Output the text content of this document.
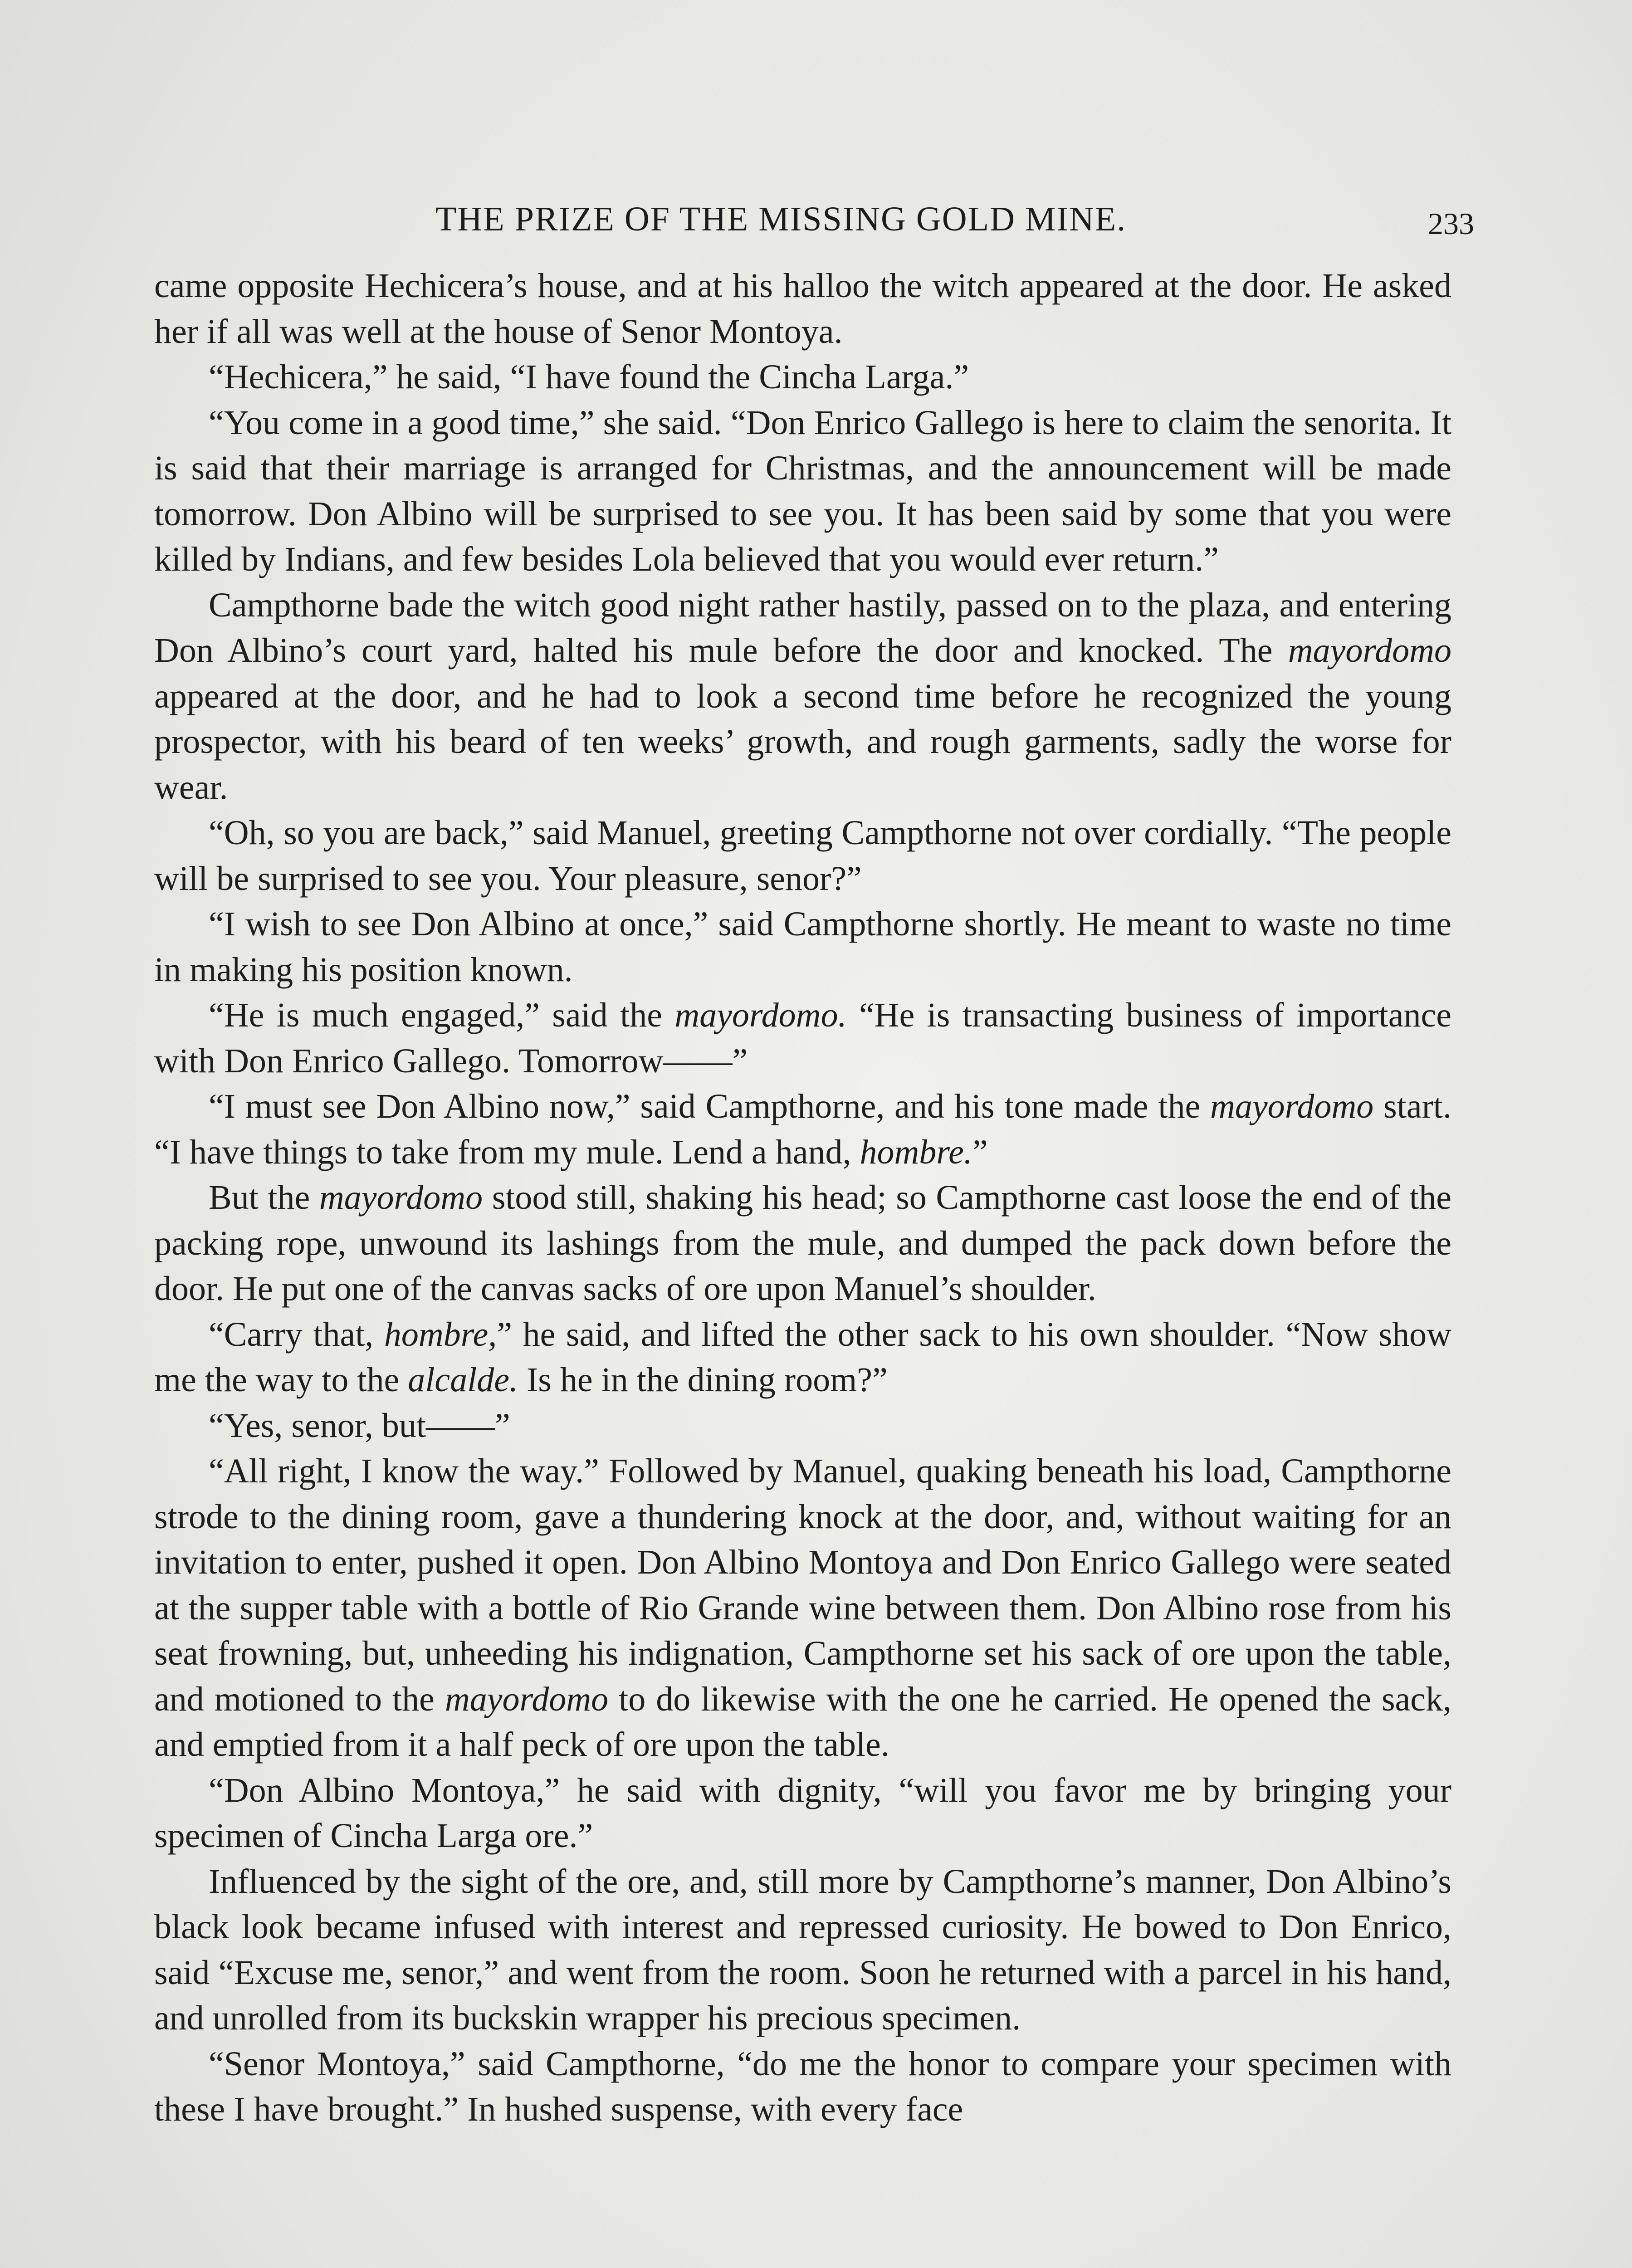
THE PRIZE OF THE MISSING GOLD MINE.	233

came opposite Hechicera’s house, and at his halloo the witch appeared at the door. He asked her if all was well at the house of Senor Montoya.

“Hechicera,” he said, “I have found the Cincha Larga.”

“You come in a good time,” she said. “Don Enrico Gallego is here to claim the senorita. It is said that their marriage is arranged for Christmas, and the announcement will be made tomorrow. Don Albino will be surprised to see you. It has been said by some that you were killed by Indians, and few besides Lola believed that you would ever return.”

Campthorne bade the witch good night rather hastily, passed on to the plaza, and entering Don Albino’s court yard, halted his mule before the door and knocked. The mayordomo appeared at the door, and he had to look a second time before he recognized the young prospector, with his beard of ten weeks’ growth, and rough garments, sadly the worse for wear.

“Oh, so you are back,” said Manuel, greeting Campthorne not over cordially. “The people will be surprised to see you. Your pleasure, senor?”

“I wish to see Don Albino at once,” said Campthorne shortly. He meant to waste no time in making his position known.

“He is much engaged,” said the mayordomo. “He is transacting business of importance with Don Enrico Gallego. Tomorrow——”

“I must see Don Albino now,” said Campthorne, and his tone made the mayordomo start. “I have things to take from my mule. Lend a hand, hombre.”

But the mayordomo stood still, shaking his head; so Campthorne cast loose the end of the packing rope, unwound its lashings from the mule, and dumped the pack down before the door. He put one of the canvas sacks of ore upon Manuel’s shoulder.

“Carry that, hombre,” he said, and lifted the other sack to his own shoulder. “Now show me the way to the alcalde. Is he in the dining room?”

“Yes, senor, but——”

“All right, I know the way.” Followed by Manuel, quaking beneath his load, Campthorne strode to the dining room, gave a thundering knock at the door, and, without waiting for an invitation to enter, pushed it open. Don Albino Montoya and Don Enrico Gallego were seated at the supper table with a bottle of Rio Grande wine between them. Don Albino rose from his seat frowning, but, unheeding his indignation, Campthorne set his sack of ore upon the table, and motioned to the mayordomo to do likewise with the one he carried. He opened the sack, and emptied from it a half peck of ore upon the table.

“Don Albino Montoya,” he said with dignity, “will you favor me by bringing your specimen of Cincha Larga ore.”

Influenced by the sight of the ore, and, still more by Campthorne’s manner, Don Albino’s black look became infused with interest and repressed curiosity. He bowed to Don Enrico, said “Excuse me, senor,” and went from the room. Soon he returned with a parcel in his hand, and unrolled from its buckskin wrapper his precious specimen.

“Senor Montoya,” said Campthorne, “do me the honor to compare your specimen with these I have brought.” In hushed suspense, with every face
